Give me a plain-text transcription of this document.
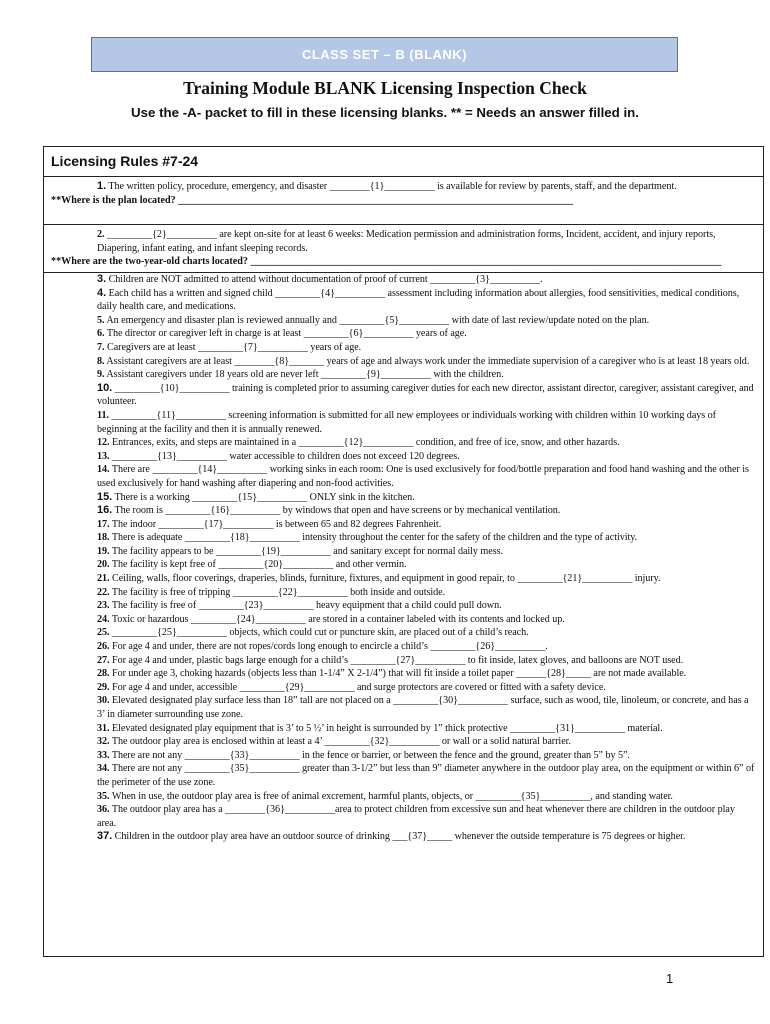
CLASS SET – B (BLANK)
Training Module BLANK Licensing Inspection Check
Use the -A- packet to fill in these licensing blanks. ** = Needs an answer filled in.
Licensing Rules #7-24
1. The written policy, procedure, emergency, and disaster ________{1}__________ is available for review by parents, staff, and the department.
**Where is the plan located? ______________________________________________________________________________
2. _________{2}__________ are kept on-site for at least 6 weeks: Medication permission and administration forms, Incident, accident, and injury reports, Diapering, infant eating, and infant sleeping records.
**Where are the two-year-old charts located? _____________________________________________________________________________________________
3. Children are NOT admitted to attend without documentation of proof of current _________{3}__________.
4. Each child has a written and signed child _________{4}__________ assessment including information about allergies, food sensitivities, medical conditions, daily health care, and medications.
5. An emergency and disaster plan is reviewed annually and _________{5}__________ with date of last review/update noted on the plan.
6. The director or caregiver left in charge is at least _________{6}__________ years of age.
7. Caregivers are at least _________{7}__________ years of age.
8. Assistant caregivers are at least ________{8}_______ years of age and always work under the immediate supervision of a caregiver who is at least 18 years old.
9. Assistant caregivers under 18 years old are never left _________{9}__________ with the children.
10. _________{10}__________ training is completed prior to assuming caregiver duties for each new director, assistant director, caregiver, assistant caregiver, and volunteer.
11. _________{11}__________ screening information is submitted for all new employees or individuals working with children within 10 working days of beginning at the facility and then it is annually renewed.
12. Entrances, exits, and steps are maintained in a _________{12}__________ condition, and free of ice, snow, and other hazards.
13. _________{13}__________ water accessible to children does not exceed 120 degrees.
14. There are _________{14}__________ working sinks in each room: One is used exclusively for food/bottle preparation and food hand washing and the other is used exclusively for hand washing after diapering and non-food activities.
15. There is a working _________{15}__________ ONLY sink in the kitchen.
16. The room is _________{16}__________ by windows that open and have screens or by mechanical ventilation.
17. The indoor _________{17}__________ is between 65 and 82 degrees Fahrenheit.
18. There is adequate _________{18}__________ intensity throughout the center for the safety of the children and the type of activity.
19. The facility appears to be _________{19}__________ and sanitary except for normal daily mess.
20. The facility is kept free of _________{20}__________ and other vermin.
21. Ceiling, walls, floor coverings, draperies, blinds, furniture, fixtures, and equipment in good repair, to _________{21}__________ injury.
22. The facility is free of tripping _________{22}__________ both inside and outside.
23. The facility is free of _________{23}__________ heavy equipment that a child could pull down.
24. Toxic or hazardous _________{24}__________ are stored in a container labeled with its contents and locked up.
25. _________{25}__________ objects, which could cut or puncture skin, are placed out of a child’s reach.
26. For age 4 and under, there are not ropes/cords long enough to encircle a child’s _________{26}__________.
27. For age 4 and under, plastic bags large enough for a child’s _________{27}__________ to fit inside, latex gloves, and balloons are NOT used.
28. For under age 3, choking hazards (objects less than 1-1/4” X 2-1/4”) that will fit inside a toilet paper ______{28}_____ are not made available.
29. For age 4 and under, accessible _________{29}__________ and surge protectors are covered or fitted with a safety device.
30. Elevated designated play surface less than 18” tall are not placed on a _________{30}__________ surface, such as wood, tile, linoleum, or concrete, and has a 3’ in diameter surrounding use zone.
31. Elevated designated play equipment that is 3’ to 5 ½’ in height is surrounded by 1” thick protective _________{31}__________ material.
32. The outdoor play area is enclosed within at least a 4’ _________{32}__________ or wall or a solid natural barrier.
33. There are not any _________{33}__________ in the fence or barrier, or between the fence and the ground, greater than 5” by 5”.
34. There are not any _________{35}__________ greater than 3-1/2” but less than 9” diameter anywhere in the outdoor play area, on the equipment or within 6” of the perimeter of the use zone.
35. When in use, the outdoor play area is free of animal excrement, harmful plants, objects, or _________{35}__________, and standing water.
36. The outdoor play area has a ________{36}__________area to protect children from excessive sun and heat whenever there are children in the outdoor play area.
37. Children in the outdoor play area have an outdoor source of drinking ___{37}_____ whenever the outside temperature is 75 degrees or higher.
1
